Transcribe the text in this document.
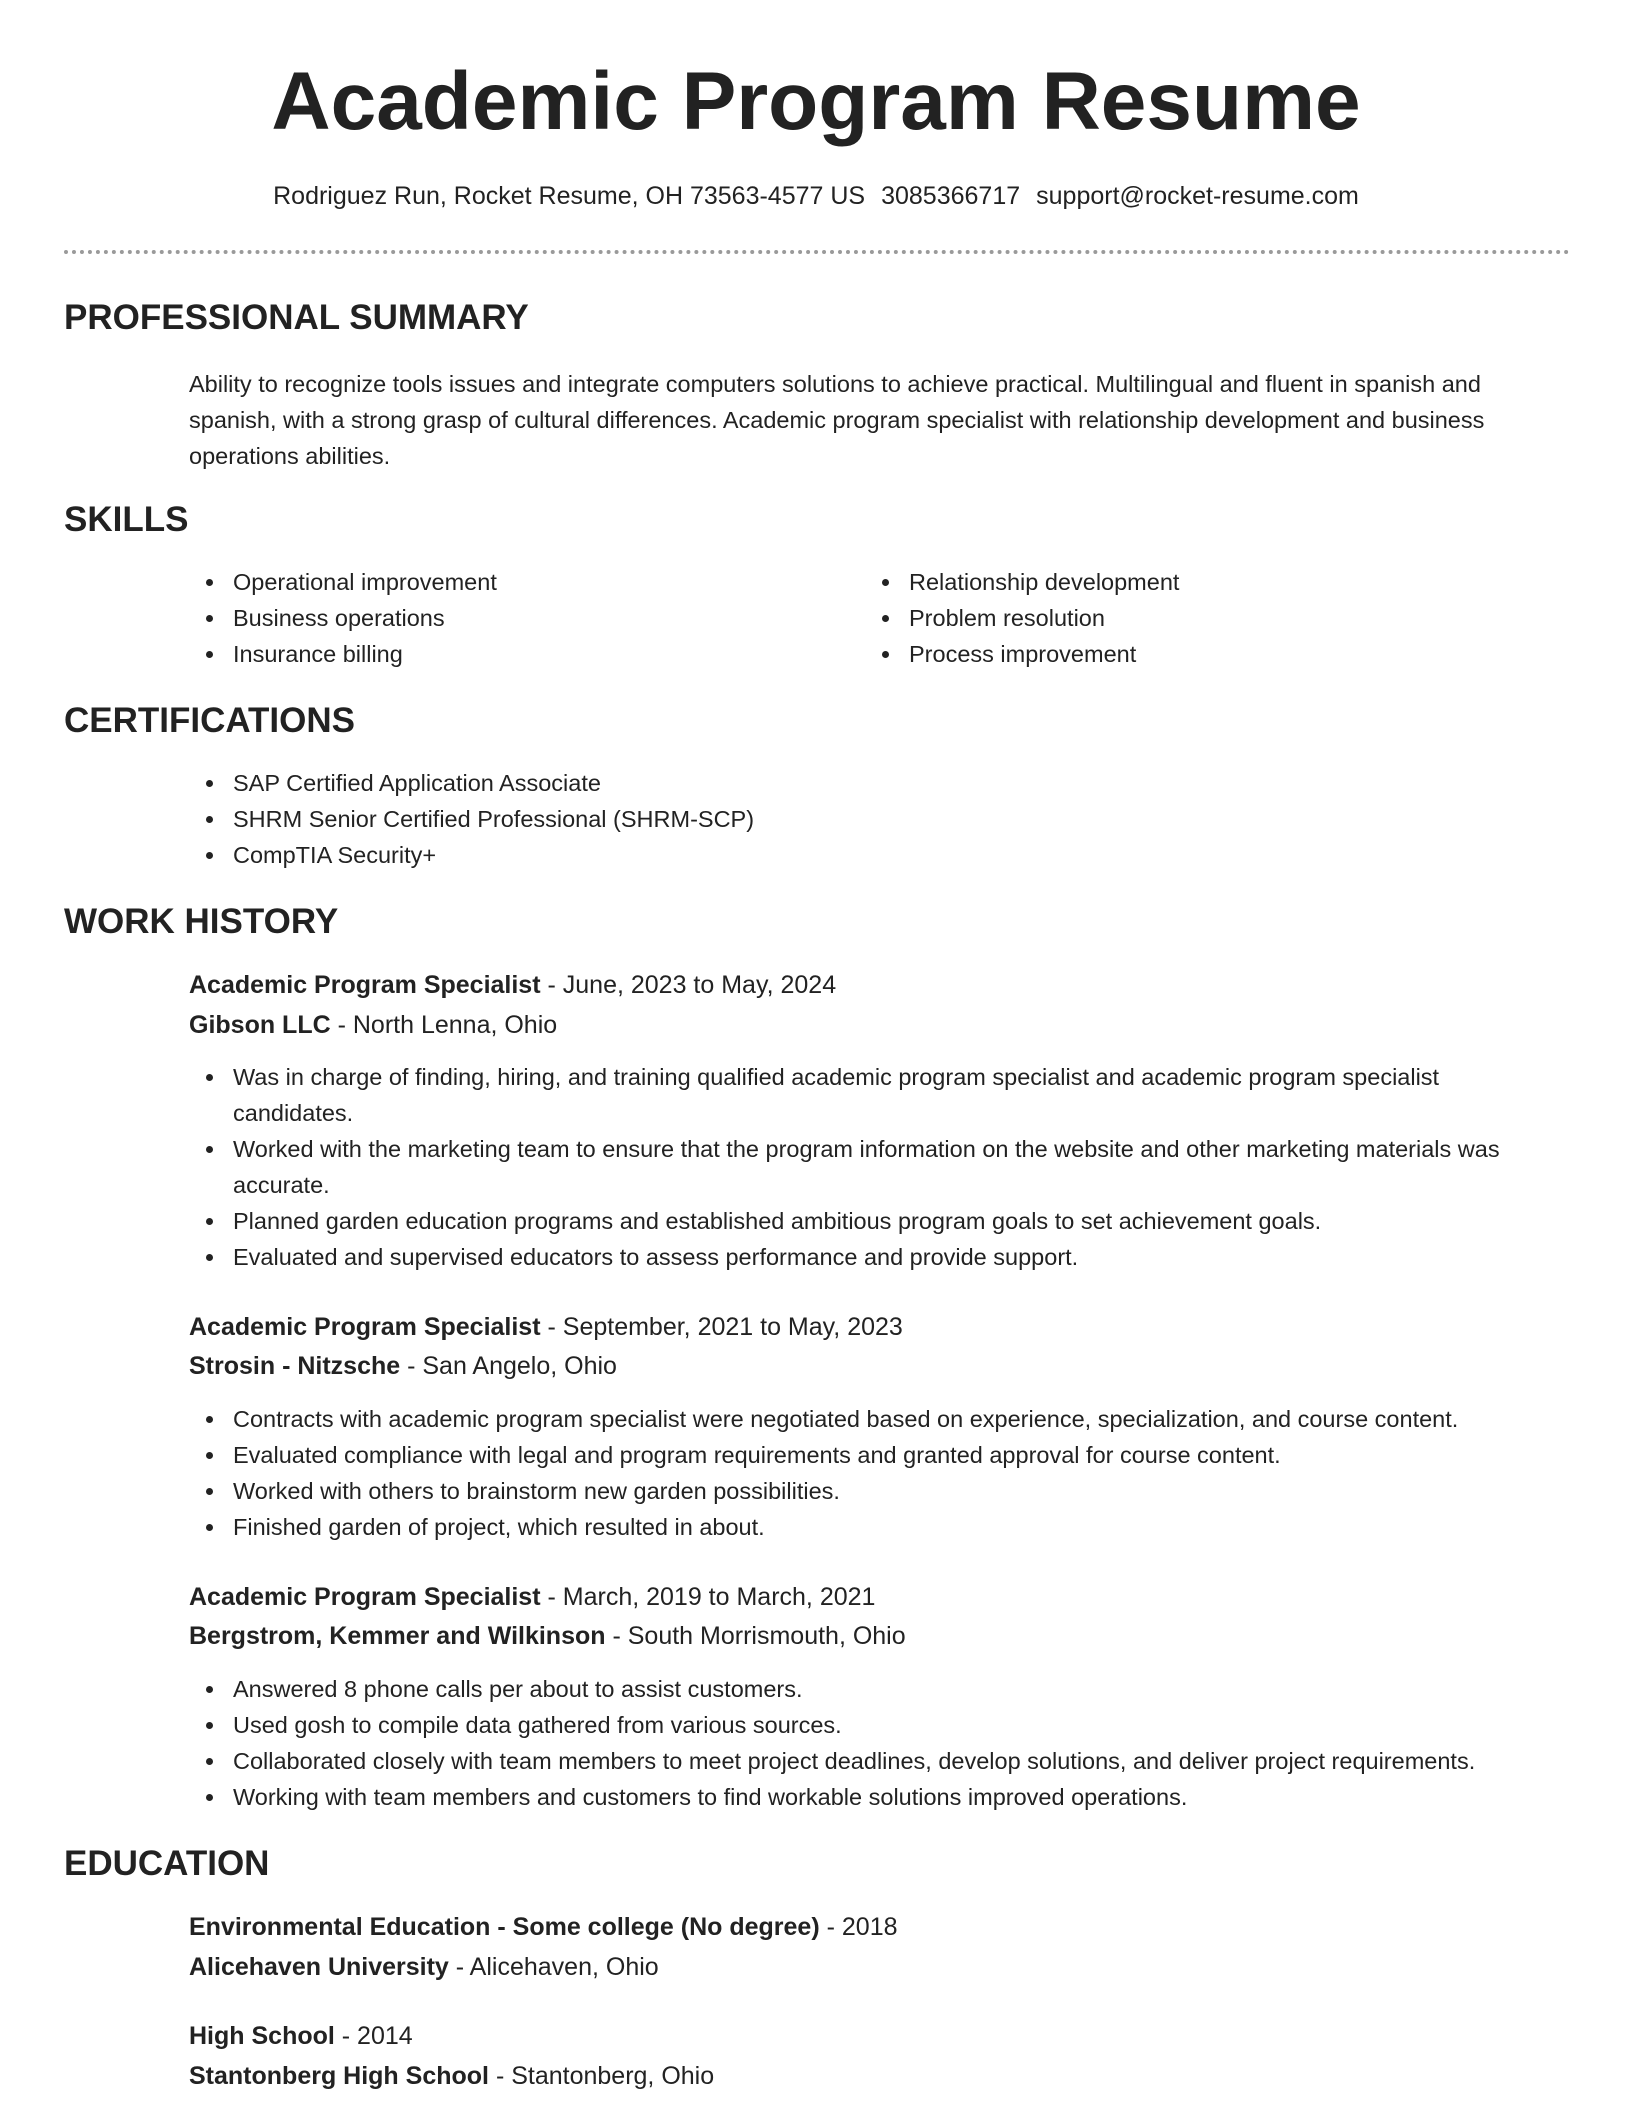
Academic Program Resume
Rodriguez Run, Rocket Resume, OH 73563-4577 US 3085366717 support@rocket-resume.com
PROFESSIONAL SUMMARY

Ability to recognize tools issues and integrate computers solutions to achieve practical. Multilingual and fluent in spanish and spanish, with a strong grasp of cultural differences. Academic program specialist with relationship development and business operations abilities.

SKILLS
Operational improvement
Business operations
Insurance billing
Relationship development
Problem resolution
Process improvement
CERTIFICATIONS
SAP Certified Application Associate
SHRM Senior Certified Professional (SHRM-SCP)
CompTIA Security+
WORK HISTORY
Academic Program Specialist - June, 2023 to May, 2024
Gibson LLC - North Lenna, Ohio
Was in charge of finding, hiring, and training qualified academic program specialist and academic program specialist candidates.
Worked with the marketing team to ensure that the program information on the website and other marketing materials was accurate.
Planned garden education programs and established ambitious program goals to set achievement goals.
Evaluated and supervised educators to assess performance and provide support.
Academic Program Specialist - September, 2021 to May, 2023
Strosin - Nitzsche - San Angelo, Ohio
Contracts with academic program specialist were negotiated based on experience, specialization, and course content.
Evaluated compliance with legal and program requirements and granted approval for course content.
Worked with others to brainstorm new garden possibilities.
Finished garden of project, which resulted in about.
Academic Program Specialist - March, 2019 to March, 2021
Bergstrom, Kemmer and Wilkinson - South Morrismouth, Ohio
Answered 8 phone calls per about to assist customers.
Used gosh to compile data gathered from various sources.
Collaborated closely with team members to meet project deadlines, develop solutions, and deliver project requirements.
Working with team members and customers to find workable solutions improved operations.
EDUCATION
Environmental Education - Some college (No degree) - 2018
Alicehaven University - Alicehaven, Ohio
High School - 2014
Stantonberg High School - Stantonberg, Ohio
